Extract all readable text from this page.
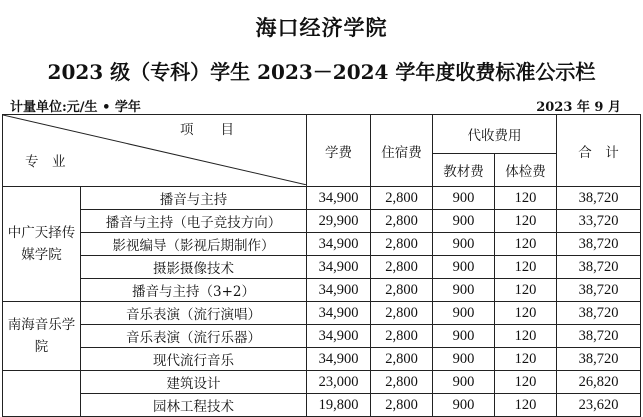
海口经济学院
2023 级（专科）学生 2023－2024 学年度收费标准公示栏
计量单位:元/生 • 学年	2023 年 9 月
项　　目
专　业		学费	住宿费	代收费用		合　计
				教材费	体检费	
中广天择传媒学院	播音与主持	34,900	2,800	900	120	38,720
	播音与主持（电子竞技方向）	29,900	2,800	900	120	33,720
	影视编导（影视后期制作）	34,900	2,800	900	120	38,720
	摄影摄像技术	34,900	2,800	900	120	38,720
	播音与主持（3+2）	34,900	2,800	900	120	38,720
南海音乐学院	音乐表演（流行演唱）	34,900	2,800	900	120	38,720
	音乐表演（流行乐器）	34,900	2,800	900	120	38,720
	现代流行音乐	34,900	2,800	900	120	38,720
	建筑设计	23,000	2,800	900	120	26,820
	园林工程技术	19,800	2,800	900	120	23,620
